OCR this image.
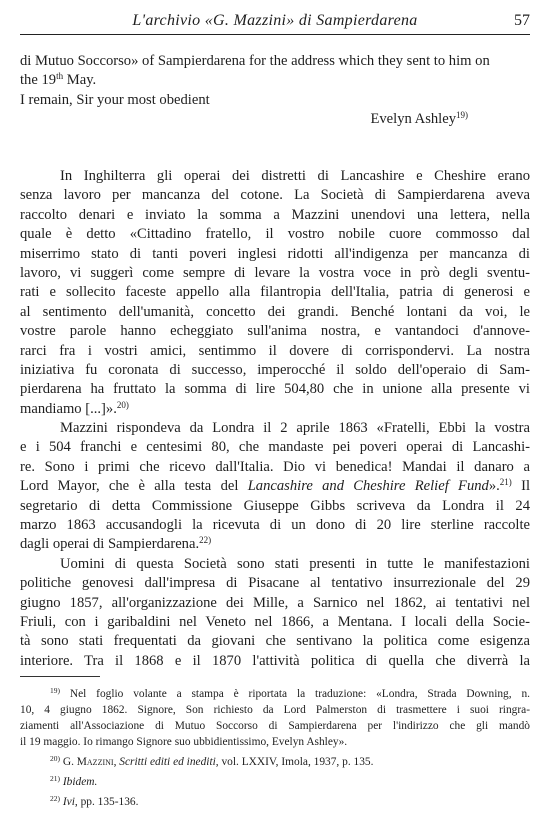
L'archivio «G. Mazzini» di Sampierdarena	57
di Mutuo Soccorso» of Sampierdarena for the address which they sent to him on
the 19th May.
I remain, Sir your most obedient
Evelyn Ashley$^{19)}$
In Inghilterra gli operai dei distretti di Lancashire e Cheshire erano
senza lavoro per mancanza del cotone. La Società di Sampierdarena aveva
raccolto denari e inviato la somma a Mazzini unendovi una lettera, nella
quale è detto «Cittadino fratello, il vostro nobile cuore commosso dal
miserrimo stato di tanti poveri inglesi ridotti all'indigenza per mancanza di
lavoro, vi suggerì come sempre di levare la vostra voce in prò degli sventu-
rati e sollecito faceste appello alla filantropia dell'Italia, patria di generosi e
al sentimento dell'umanità, concetto dei grandi. Benché lontani da voi, le
vostre parole hanno echeggiato sull'anima nostra, e vantandoci d'annove-
rarci fra i vostri amici, sentimmo il dovere di corrispondervi. La nostra
iniziativa fu coronata di successo, imperocché il soldo dell'operaio di Sam-
pierdarena ha fruttato la somma di lire 504,80 che in unione alla presente vi
mandiamo [...]».$^{20)}$
Mazzini rispondeva da Londra il 2 aprile 1863 «Fratelli, Ebbi la vostra
e i 504 franchi e centesimi 80, che mandaste pei poveri operai di Lancashi-
re. Sono i primi che ricevo dall'Italia. Dio vi benedica! Mandai il danaro a
Lord Mayor, che è alla testa del Lancashire and Cheshire Relief Fund».$^{21)}$ Il
segretario di detta Commissione Giuseppe Gibbs scriveva da Londra il 24
marzo 1863 accusandogli la ricevuta di un dono di 20 lire sterline raccolte
dagli operai di Sampierdarena.$^{22)}$
Uomini di questa Società sono stati presenti in tutte le manifestazioni
politiche genovesi dall'impresa di Pisacane al tentativo insurrezionale del 29
giugno 1857, all'organizzazione dei Mille, a Sarnico nel 1862, ai tentativi nel
Friuli, con i garibaldini nel Veneto nel 1866, a Mentana. I locali della Socie-
tà sono stati frequentati da giovani che sentivano la politica come esigenza
interiore. Tra il 1868 e il 1870 l'attività politica di quella che diverrà la
$^{19)}$ Nel foglio volante a stampa è riportata la traduzione: «Londra, Strada Downing, n.
10, 4 giugno 1862. Signore, Son richiesto da Lord Palmerston di trasmettere i suoi ringra-
ziamenti all'Associazione di Mutuo Soccorso di Sampierdarena per l'indirizzo che gli mandò
il 19 maggio. Io rimango Signore suo ubbidientissimo, Evelyn Ashley».
$^{20)}$ G. Mazzini, Scritti editi ed inediti, vol. LXXIV, Imola, 1937, p. 135.
$^{21)}$ Ibidem.
$^{22)}$ Ivi, pp. 135-136.
